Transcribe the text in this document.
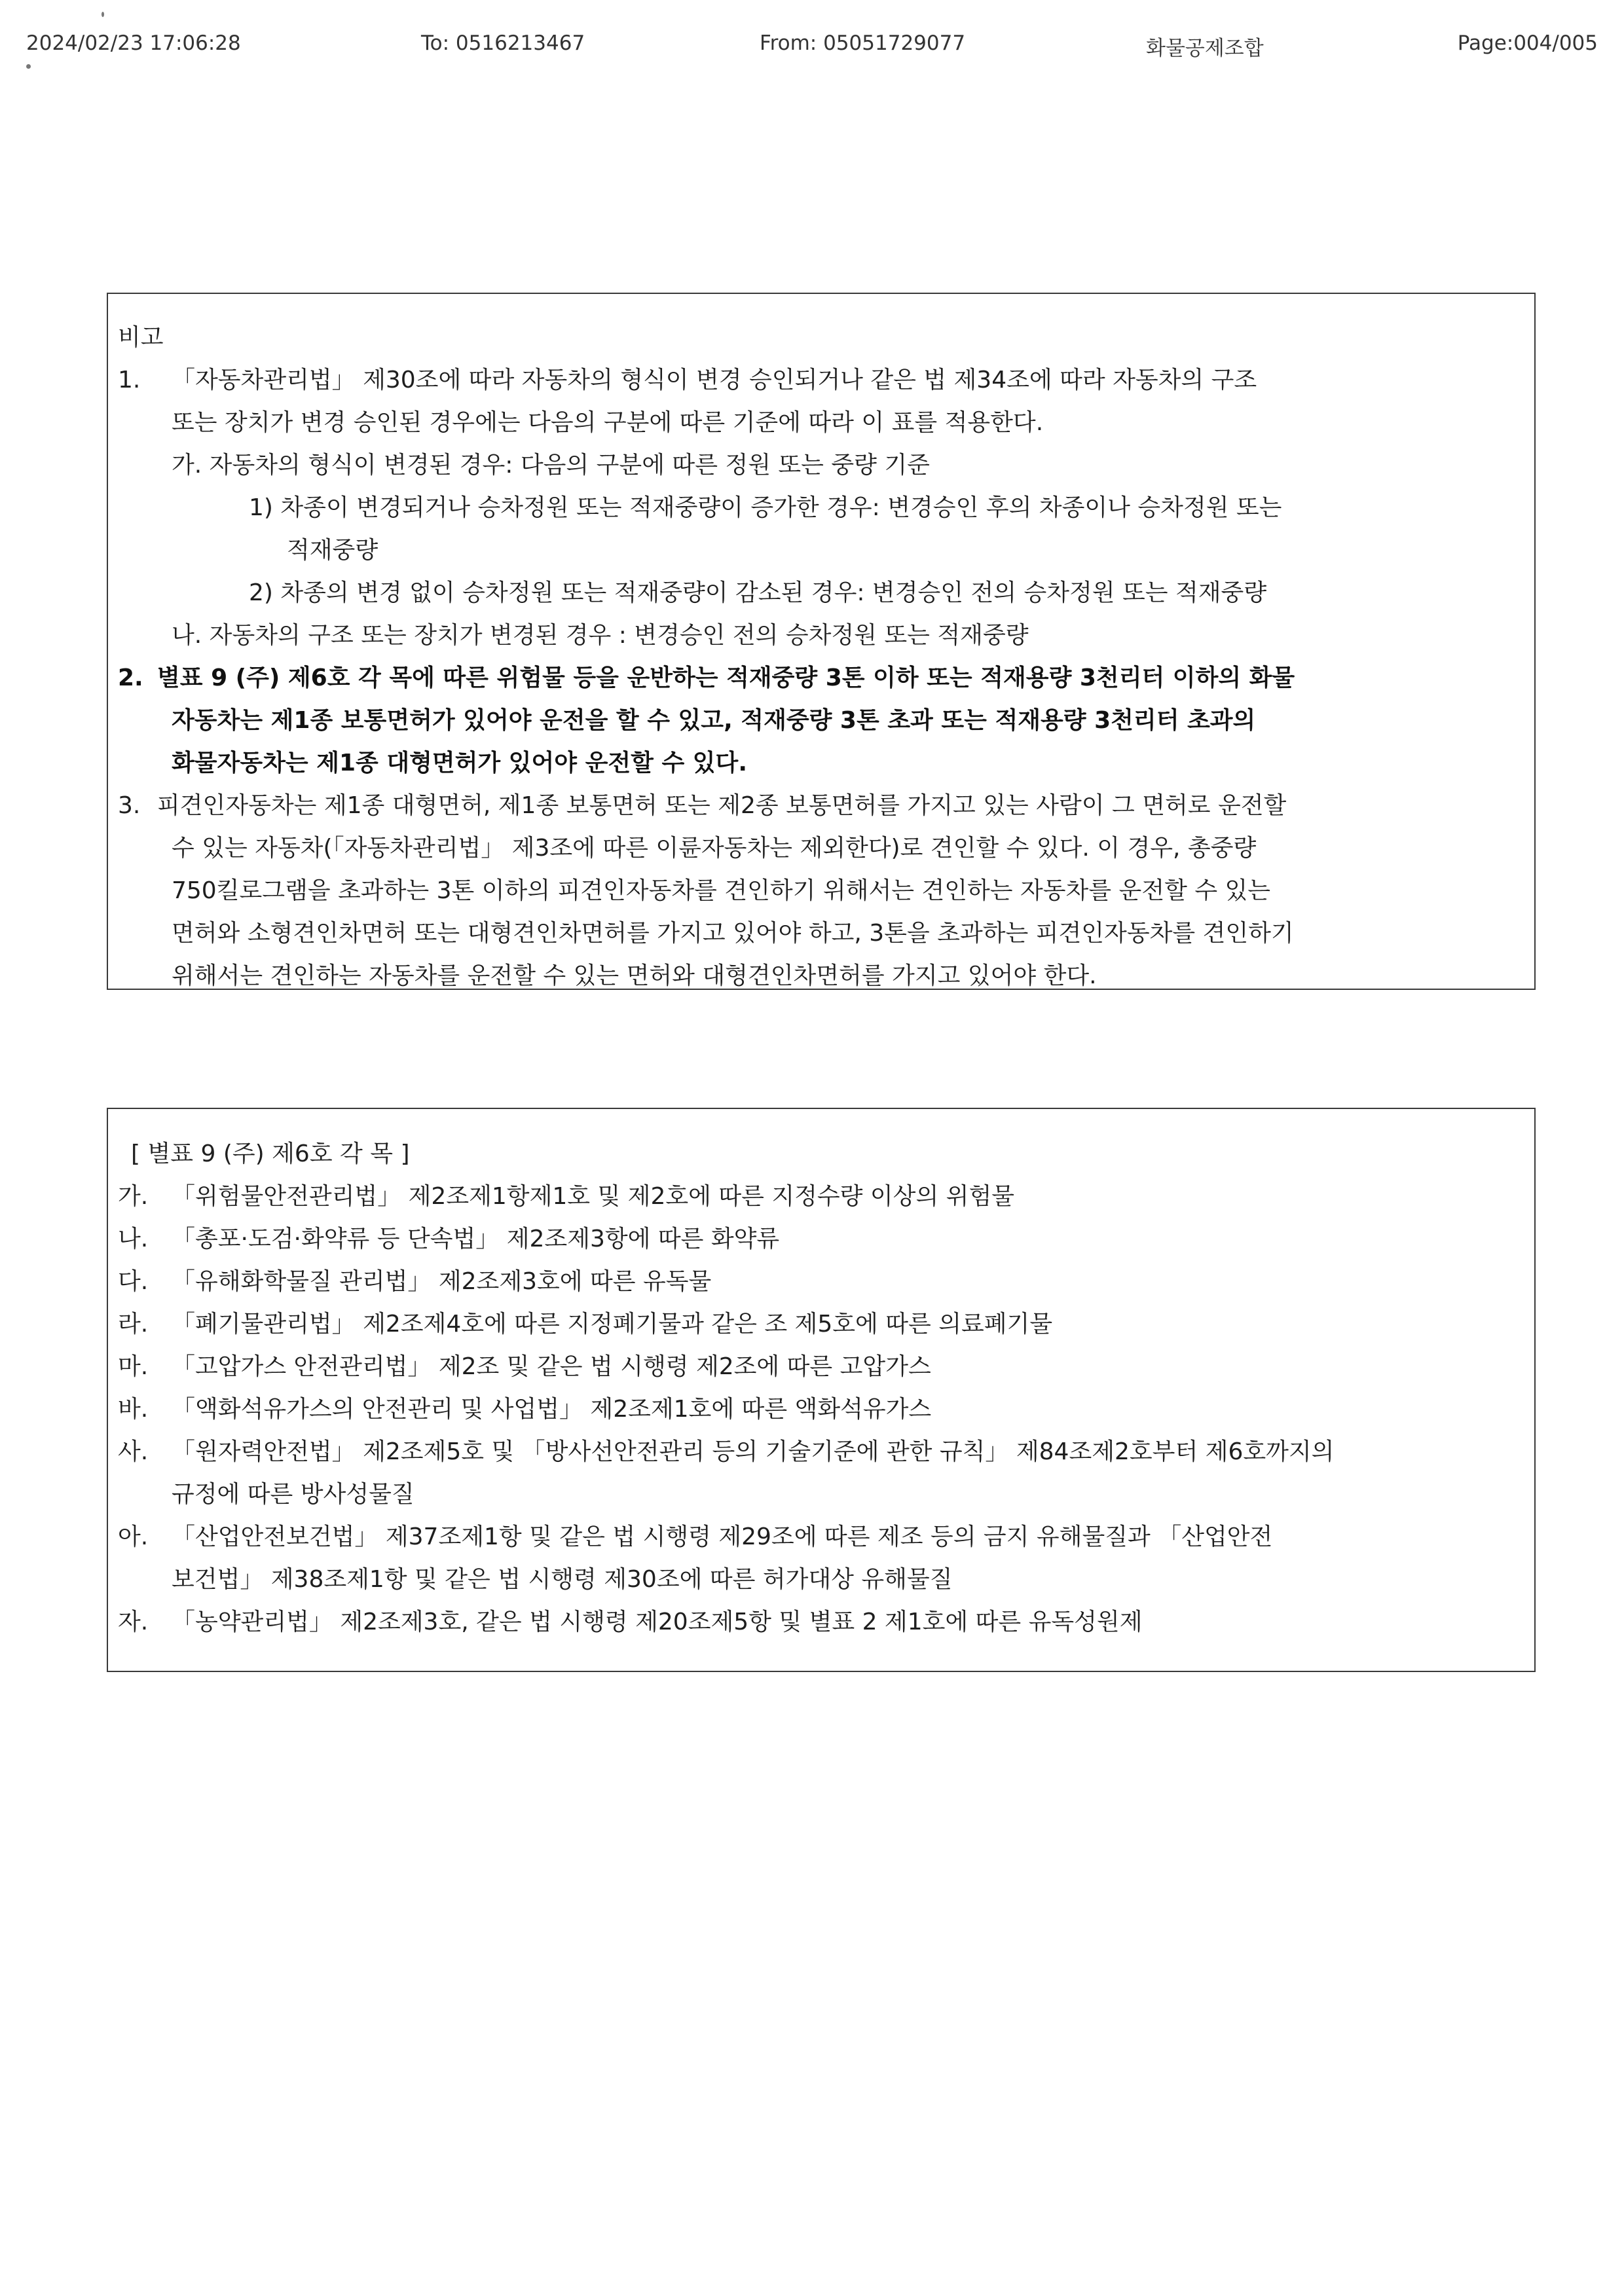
2024/02/23 17:06:28	To: 0516213467	From: 05051729077	화물공제조합	Page:004/005
비고
1.	「자동차관리법」 제30조에 따라 자동차의 형식이 변경 승인되거나 같은 법 제34조에 따라 자동차의 구조
또는 장치가 변경 승인된 경우에는 다음의 구분에 따른 기준에 따라 이 표를 적용한다.
가. 자동차의 형식이 변경된 경우: 다음의 구분에 따른 정원 또는 중량 기준
1) 차종이 변경되거나 승차정원 또는 적재중량이 증가한 경우: 변경승인 후의 차종이나 승차정원 또는
적재중량
2) 차종의 변경 없이 승차정원 또는 적재중량이 감소된 경우: 변경승인 전의 승차정원 또는 적재중량
나. 자동차의 구조 또는 장치가 변경된 경우 : 변경승인 전의 승차정원 또는 적재중량
2. 별표 9 (주) 제6호 각 목에 따른 위험물 등을 운반하는 적재중량 3톤 이하 또는 적재용량 3천리터 이하의 화물
자동차는 제1종 보통면허가 있어야 운전을 할 수 있고, 적재중량 3톤 초과 또는 적재용량 3천리터 초과의
화물자동차는 제1종 대형면허가 있어야 운전할 수 있다.
3. 피견인자동차는 제1종 대형면허, 제1종 보통면허 또는 제2종 보통면허를 가지고 있는 사람이 그 면허로 운전할
수 있는 자동차(「자동차관리법」 제3조에 따른 이륜자동차는 제외한다)로 견인할 수 있다. 이 경우, 총중량
750킬로그램을 초과하는 3톤 이하의 피견인자동차를 견인하기 위해서는 견인하는 자동차를 운전할 수 있는
면허와 소형견인차면허 또는 대형견인차면허를 가지고 있어야 하고, 3톤을 초과하는 피견인자동차를 견인하기
위해서는 견인하는 자동차를 운전할 수 있는 면허와 대형견인차면허를 가지고 있어야 한다.
[ 별표 9 (주) 제6호 각 목 ]
가. 「위험물안전관리법」 제2조제1항제1호 및 제2호에 따른 지정수량 이상의 위험물
나. 「총포·도검·화약류 등 단속법」 제2조제3항에 따른 화약류
다. 「유해화학물질 관리법」 제2조제3호에 따른 유독물
라. 「폐기물관리법」 제2조제4호에 따른 지정폐기물과 같은 조 제5호에 따른 의료폐기물
마. 「고압가스 안전관리법」 제2조 및 같은 법 시행령 제2조에 따른 고압가스
바. 「액화석유가스의 안전관리 및 사업법」 제2조제1호에 따른 액화석유가스
사. 「원자력안전법」 제2조제5호 및 「방사선안전관리 등의 기술기준에 관한 규칙」 제84조제2호부터 제6호까지의
규정에 따른 방사성물질
아. 「산업안전보건법」 제37조제1항 및 같은 법 시행령 제29조에 따른 제조 등의 금지 유해물질과 「산업안전
보건법」 제38조제1항 및 같은 법 시행령 제30조에 따른 허가대상 유해물질
자. 「농약관리법」 제2조제3호, 같은 법 시행령 제20조제5항 및 별표 2 제1호에 따른 유독성원제
